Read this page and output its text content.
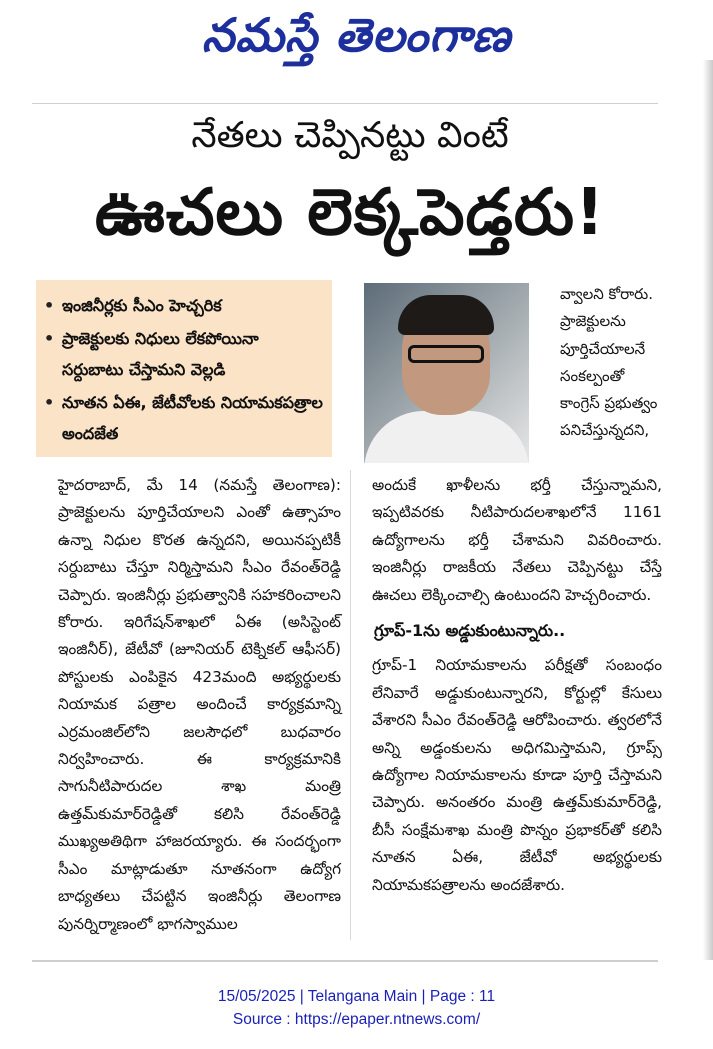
నమస్తే తెలంగాణ
నేతలు చెప్పినట్టు వింటే
ఊచలు లెక్కపెడ్తరు!
• ఇంజినీర్లకు సీఎం హెచ్చరిక
• ప్రాజెక్టులకు నిధులు లేకపోయినా సర్దుబాటు చేస్తామని వెల్లడి
• నూతన ఏఈ, జేటీవోలకు నియామకపత్రాల అందజేత

వ్వాలని కోరారు. ప్రాజెక్టులను పూర్తిచేయాలనే సంకల్పంతో కాంగ్రెస్ ప్రభుత్వం పనిచేస్తున్నదని,

హైదరాబాద్, మే 14 (నమస్తే తెలంగాణ): ప్రాజెక్టులను పూర్తిచేయాలని ఎంతో ఉత్సాహం ఉన్నా నిధుల కొరత ఉన్నదని, అయినప్పటికీ సర్దుబాటు చేస్తూ నిర్మిస్తామని సీఎం రేవంత్‌రెడ్డి చెప్పారు. ఇంజినీర్లు ప్రభుత్వానికి సహకరించాలని కోరారు. ఇరిగేషన్‌శాఖలో ఏఈ (అసిస్టెంట్ ఇంజినీర్), జేటీవో (జూనియర్ టెక్నికల్ ఆఫీసర్) పోస్టులకు ఎంపికైన 423మంది అభ్యర్థులకు నియామక పత్రాల అందించే కార్యక్రమాన్ని ఎర్రమంజిల్‌లోని జలసౌధలో బుధవారం నిర్వహించారు. ఈ కార్యక్రమానికి సాగునీటిపారుదల శాఖ మంత్రి ఉత్తమ్‌కుమార్‌రెడ్డితో కలిసి రేవంత్‌రెడ్డి ముఖ్యఅతిథిగా హాజరయ్యారు. ఈ సందర్భంగా సీఎం మాట్లాడుతూ నూతనంగా ఉద్యోగ బాధ్యతలు చేపట్టిన ఇంజినీర్లు తెలంగాణ పునర్నిర్మాణంలో భాగస్వాముల

అందుకే ఖాళీలను భర్తీ చేస్తున్నామని, ఇప్పటివరకు నీటిపారుదలశాఖలోనే 1161 ఉద్యోగాలను భర్తీ చేశామని వివరించారు. ఇంజినీర్లు రాజకీయ నేతలు చెప్పినట్టు చేస్తే ఊచలు లెక్కించాల్సి ఉంటుందని హెచ్చరించారు.

గ్రూప్-1ను అడ్డుకుంటున్నారు..

గ్రూప్-1 నియామకాలను పరీక్షతో సంబంధం లేనివారే అడ్డుకుంటున్నారని, కోర్టుల్లో కేసులు వేశారని సీఎం రేవంత్‌రెడ్డి ఆరోపించారు. త్వరలోనే అన్ని అడ్డంకులను అధిగమిస్తామని, గ్రూప్స్ ఉద్యోగాల నియామకాలను కూడా పూర్తి చేస్తామని చెప్పారు. అనంతరం మంత్రి ఉత్తమ్‌కుమార్‌రెడ్డి, బీసీ సంక్షేమశాఖ మంత్రి పొన్నం ప్రభాకర్‌తో కలిసి నూతన ఏఈ, జేటీవో అభ్యర్థులకు నియామకపత్రాలను అందజేశారు.

15/05/2025 | Telangana Main | Page : 11
Source : https://epaper.ntnews.com/
